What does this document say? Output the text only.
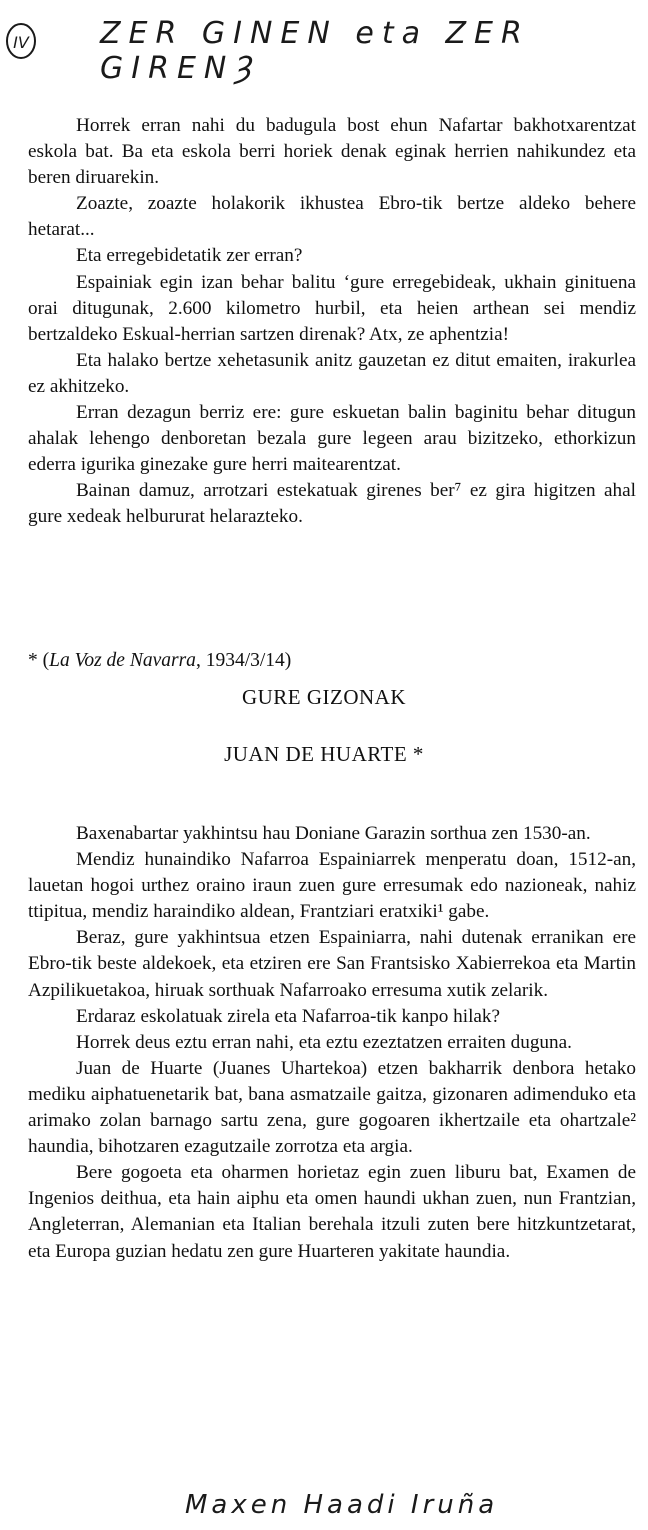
IV ZER GINEN eta ZER GIRENȜ

Horrek erran nahi du badugula bost ehun Nafartar bakhotxarentzat eskola bat. Ba eta eskola berri horiek denak eginak herrien nahikundez eta beren diruarekin.

Zoazte, zoazte holakorik ikhustea Ebro-tik bertze aldeko behere hetarat...

Eta erregebidetatik zer erran?

Espainiak egin izan behar balitu ‘gure erregebideak, ukhain ginituena orai ditugunak, 2.600 kilometro hurbil, eta heien arthean sei mendiz bertzaldeko Eskual-herrian sartzen direnak? Atx, ze aphentzia!

Eta halako bertze xehetasunik anitz gauzetan ez ditut emaiten, irakurlea ez akhitzeko.

Erran dezagun berriz ere: gure eskuetan balin baginitu behar ditugun ahalak lehengo denboretan bezala gure legeen arau bizitzeko, ethorkizun ederra igurika ginezake gure herri maitearentzat.

Bainan damuz, arrotzari estekatuak girenes ber⁷ ez gira higitzen ahal gure xedeak helbururat helarazteko.

* (La Voz de Navarra, 1934/3/14)
GURE GIZONAK
JUAN DE HUARTE *

Baxenabartar yakhintsu hau Doniane Garazin sorthua zen 1530-an.

Mendiz hunaindiko Nafarroa Espainiarrek menperatu doan, 1512-an, lauetan hogoi urthez oraino iraun zuen gure erresumak edo nazioneak, nahiz ttipitua, mendiz haraindiko aldean, Frantziari eratxiki¹ gabe.

Beraz, gure yakhintsua etzen Espainiarra, nahi dutenak erranikan ere Ebro-tik beste aldekoek, eta etziren ere San Frantsisko Xabierrekoa eta Martin Azpilikuetakoa, hiruak sorthuak Nafarroako erresuma xutik zelarik.

Erdaraz eskolatuak zirela eta Nafarroa-tik kanpo hilak?

Horrek deus eztu erran nahi, eta eztu ezeztatzen erraiten duguna.

Juan de Huarte (Juanes Uhartekoa) etzen bakharrik denbora hetako mediku aiphatuenetarik bat, bana asmatzaile gaitza, gizonaren adimenduko eta arimako zolan barnago sartu zena, gure gogoaren ikhertzaile eta ohartzale² haundia, bihotzaren ezagutzaile zorrotza eta argia.

Bere gogoeta eta oharmen horietaz egin zuen liburu bat, Examen de Ingenios deithua, eta hain aiphu eta omen haundi ukhan zuen, nun Frantzian, Angleterran, Alemanian eta Italian berehala itzuli zuten bere hitzkuntzetarat, eta Europa guzian hedatu zen gure Huarteren yakitate haundia.

Maxen Haadi Iruña
